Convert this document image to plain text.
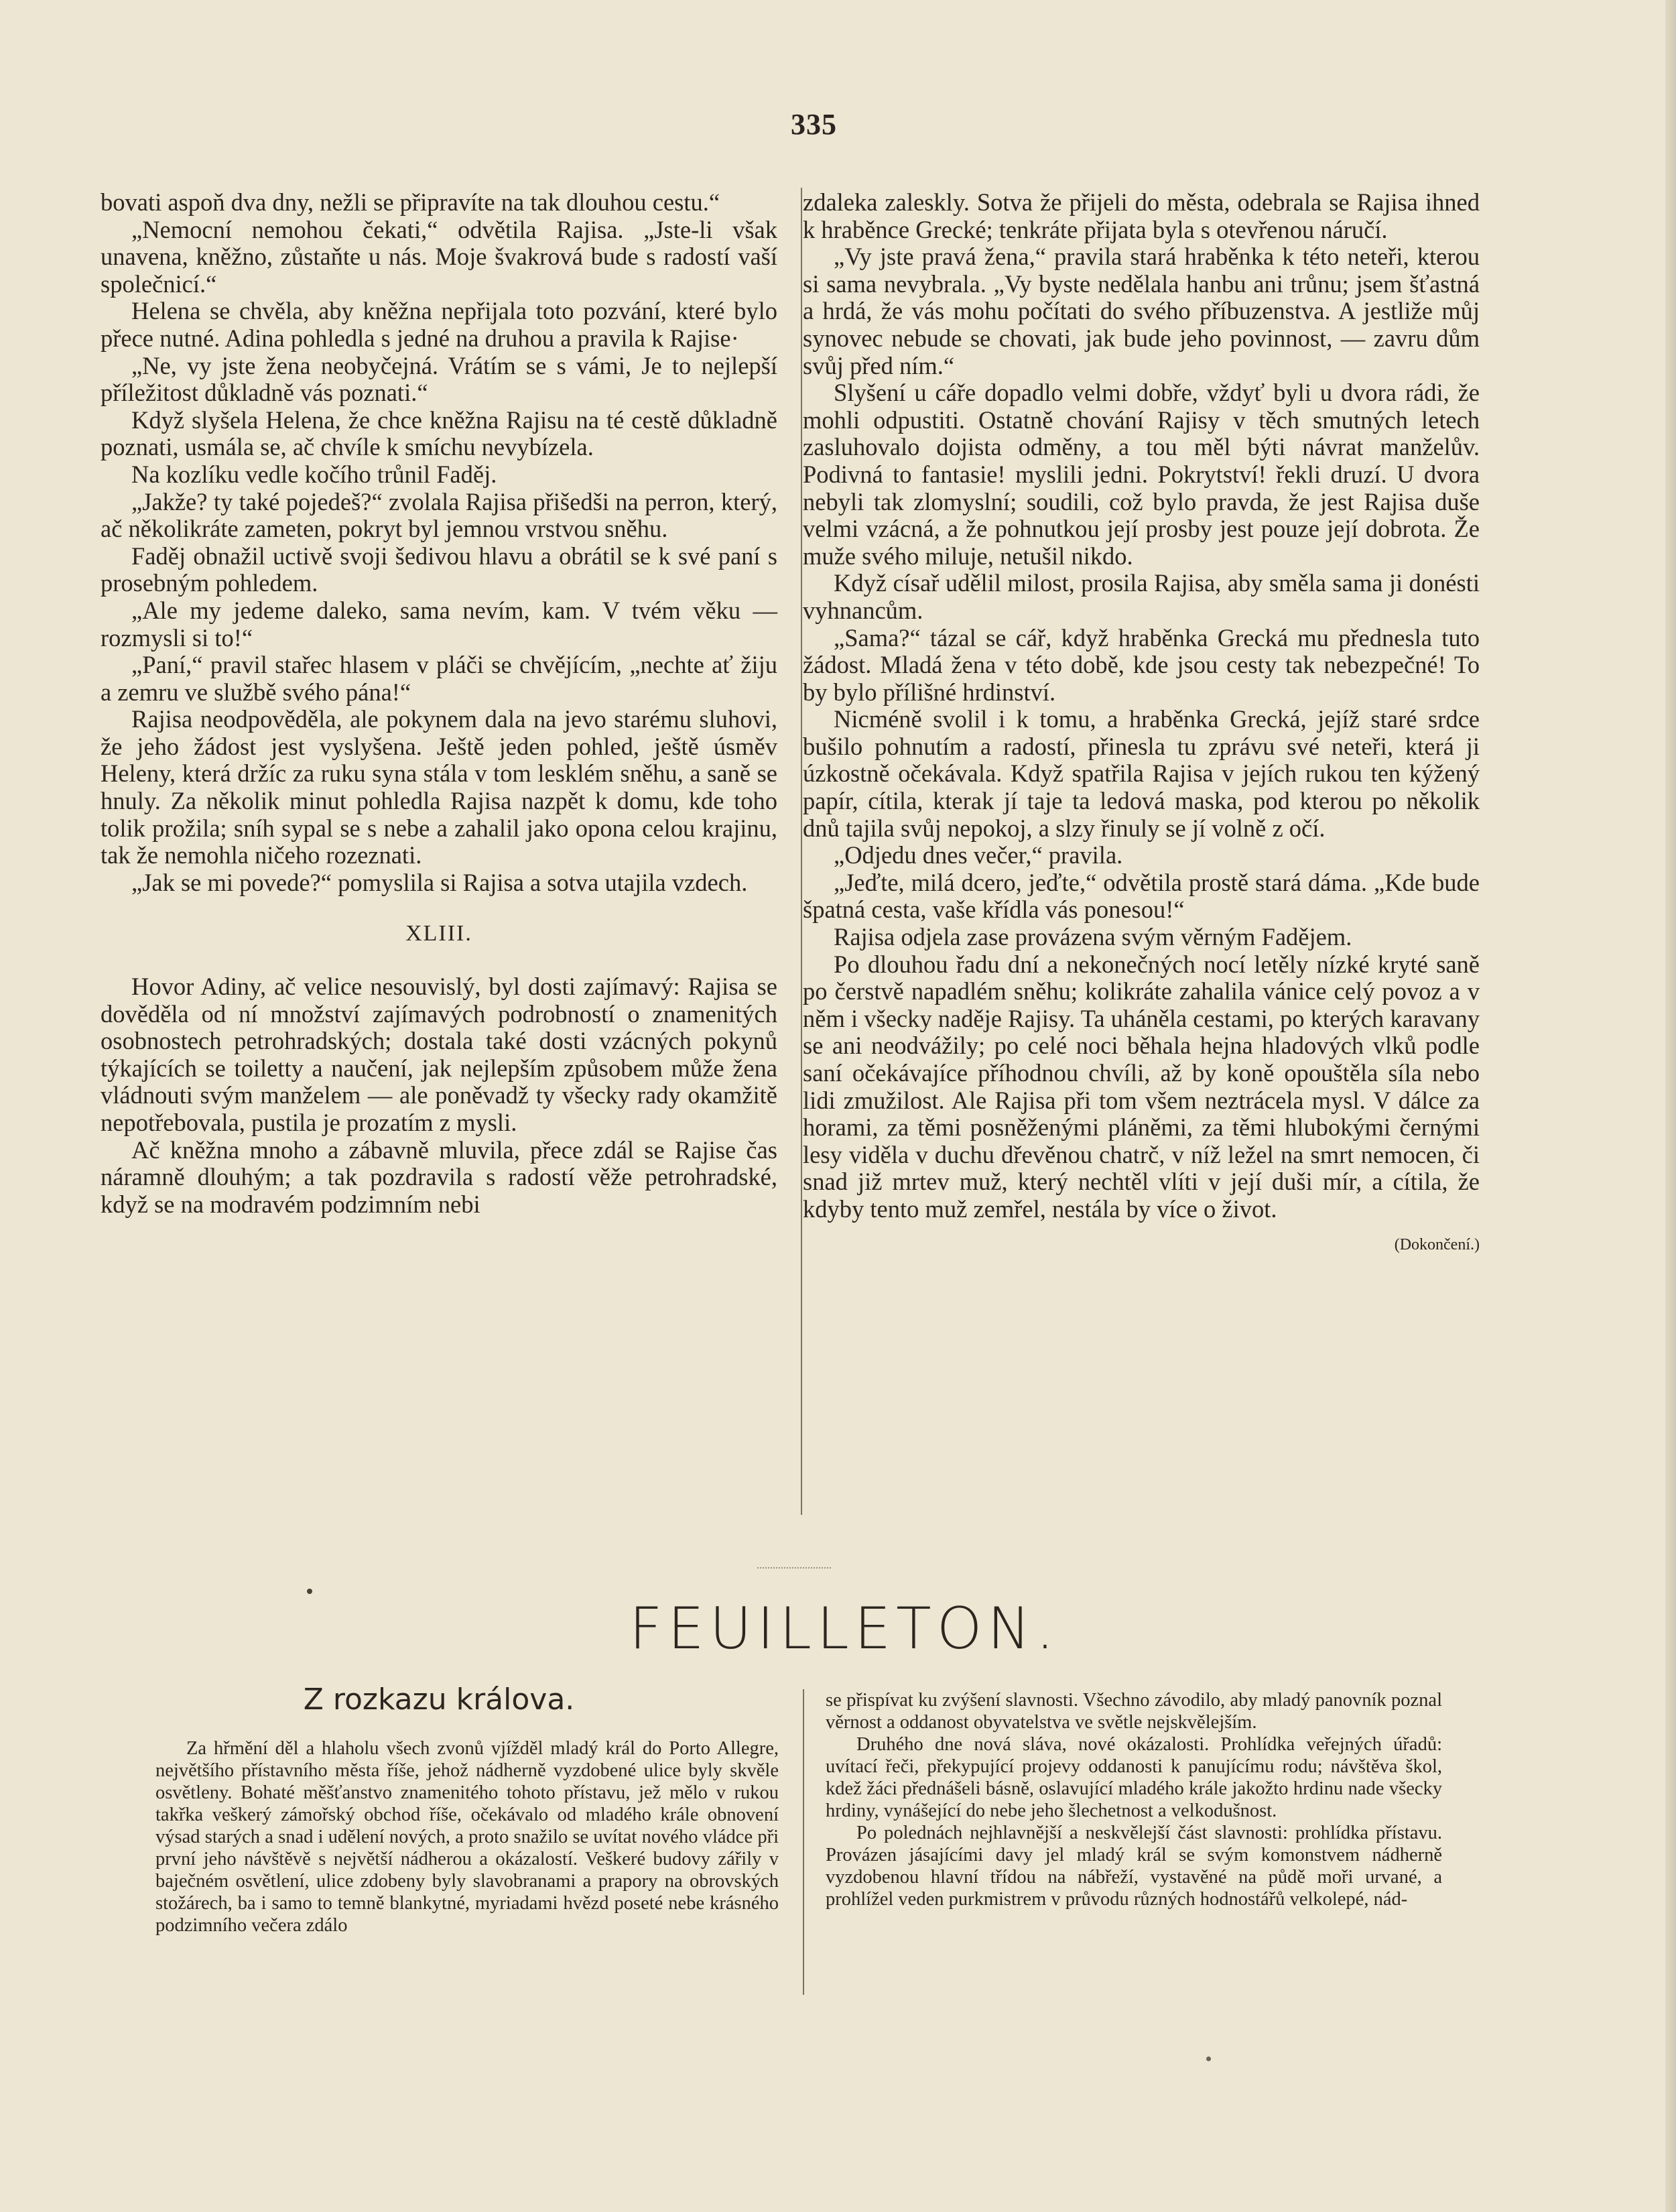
335

bovati aspoň dva dny, nežli se připravíte na tak dlouhou cestu.“

„Nemocní nemohou čekati,“ odvětila Rajisa. „Jste-li však unavena, kněžno, zůstaňte u nás. Moje švakrová bude s radostí vaší společnicí.“

Helena se chvěla, aby kněžna nepřijala toto pozvání, které bylo přece nutné. Adina pohledla s jedné na druhou a pravila k Rajise·

„Ne, vy jste žena neobyčejná. Vrátím se s vámi, Je to nejlepší příležitost důkladně vás poznati.“

Když slyšela Helena, že chce kněžna Rajisu na té cestě důkladně poznati, usmála se, ač chvíle k smíchu nevybízela.

Na kozlíku vedle kočího trůnil Faděj.

„Jakže? ty také pojedeš?“ zvolala Rajisa přišedši na perron, který, ač několikráte zameten, pokryt byl jemnou vrstvou sněhu.

Faděj obnažil uctivě svoji šedivou hlavu a obrátil se k své paní s prosebným pohledem.

„Ale my jedeme daleko, sama nevím, kam. V tvém věku — rozmysli si to!“

„Paní,“ pravil stařec hlasem v pláči se chvějícím, „nechte ať žiju a zemru ve službě svého pána!“

Rajisa neodpověděla, ale pokynem dala na jevo starému sluhovi, že jeho žádost jest vyslyšena. Ještě jeden pohled, ještě úsměv Heleny, která držíc za ruku syna stála v tom lesklém sněhu, a saně se hnuly. Za několik minut pohledla Rajisa nazpět k domu, kde toho tolik prožila; sníh sypal se s nebe a zahalil jako opona celou krajinu, tak že nemohla ničeho rozeznati.

„Jak se mi povede?“ pomyslila si Rajisa a sotva utajila vzdech.

XLIII.

Hovor Adiny, ač velice nesouvislý, byl dosti zajímavý: Rajisa se dověděla od ní množství zajímavých podrobností o znamenitých osobnostech petrohradských; dostala také dosti vzácných pokynů týkajících se toiletty a naučení, jak nejlepším způsobem může žena vládnouti svým manželem — ale poněvadž ty všecky rady okamžitě nepotřebovala, pustila je prozatím z mysli.

Ač kněžna mnoho a zábavně mluvila, přece zdál se Rajise čas náramně dlouhým; a tak pozdravila s radostí věže petrohradské, když se na modravém podzimním nebi

zdaleka zaleskly. Sotva že přijeli do města, odebrala se Rajisa ihned k hraběnce Grecké; tenkráte přijata byla s otevřenou náručí.

„Vy jste pravá žena,“ pravila stará hraběnka k této neteři, kterou si sama nevybrala. „Vy byste nedělala hanbu ani trůnu; jsem šťastná a hrdá, že vás mohu počítati do svého příbuzenstva. A jestliže můj synovec nebude se chovati, jak bude jeho povinnost, — zavru dům svůj před ním.“

Slyšení u cáře dopadlo velmi dobře, vždyť byli u dvora rádi, že mohli odpustiti. Ostatně chování Rajisy v těch smutných letech zasluhovalo dojista odměny, a tou měl býti návrat manželův. Podivná to fantasie! myslili jedni. Pokrytství! řekli druzí. U dvora nebyli tak zlomyslní; soudili, což bylo pravda, že jest Rajisa duše velmi vzácná, a že pohnutkou její prosby jest pouze její dobrota. Že muže svého miluje, netušil nikdo.

Když císař udělil milost, prosila Rajisa, aby směla sama ji donésti vyhnancům.

„Sama?“ tázal se cář, když hraběnka Grecká mu přednesla tuto žádost. Mladá žena v této době, kde jsou cesty tak nebezpečné! To by bylo přílišné hrdinství.

Nicméně svolil i k tomu, a hraběnka Grecká, jejíž staré srdce bušilo pohnutím a radostí, přinesla tu zprávu své neteři, která ji úzkostně očekávala. Když spatřila Rajisa v jejích rukou ten kýžený papír, cítila, kterak jí taje ta ledová maska, pod kterou po několik dnů tajila svůj nepokoj, a slzy řinuly se jí volně z očí.

„Odjedu dnes večer,“ pravila.

„Jeďte, milá dcero, jeďte,“ odvětila prostě stará dáma. „Kde bude špatná cesta, vaše křídla vás ponesou!“

Rajisa odjela zase provázena svým věrným Fadějem.

Po dlouhou řadu dní a nekonečných nocí letěly nízké kryté saně po čerstvě napadlém sněhu; kolikráte zahalila vánice celý povoz a v něm i všecky naděje Rajisy. Ta uháněla cestami, po kterých karavany se ani neodvážily; po celé noci běhala hejna hladových vlků podle saní očekávajíce příhodnou chvíli, až by koně opouštěla síla nebo lidi zmužilost. Ale Rajisa při tom všem neztrácela mysl. V dálce za horami, za těmi posněženými pláněmi, za těmi hlubokými černými lesy viděla v duchu dřevěnou chatrč, v níž ležel na smrt nemocen, či snad již mrtev muž, který nechtěl vlíti v její duši mír, a cítila, že kdyby tento muž zemřel, nestála by více o život.

(Dokončení.)
FEUILLETON.
Z rozkazu králova.

Za hřmění děl a hlaholu všech zvonů vjížděl mladý král do Porto Allegre, největšího přístavního města říše, jehož nádherně vyzdobené ulice byly skvěle osvětleny. Bohaté měšťanstvo znamenitého tohoto přístavu, jež mělo v rukou takřka veškerý zámořský obchod říše, očekávalo od mladého krále obnovení výsad starých a snad i udělení nových, a proto snažilo se uvítat nového vládce při první jeho návštěvě s největší nádherou a okázalostí. Veškeré budovy zářily v baječném osvětlení, ulice zdobeny byly slavobranami a prapory na obrovských stožárech, ba i samo to temně blankytné, myriadami hvězd poseté nebe krásného podzimního večera zdálo

se přispívat ku zvýšení slavnosti. Všechno závodilo, aby mladý panovník poznal věrnost a oddanost obyvatelstva ve světle nejskvělejším.

Druhého dne nová sláva, nové okázalosti. Prohlídka veřejných úřadů: uvítací řeči, překypující projevy oddanosti k panujícímu rodu; návštěva škol, kdež žáci přednášeli básně, oslavující mladého krále jakožto hrdinu nade všecky hrdiny, vynášející do nebe jeho šlechetnost a velkodušnost.

Po polednách nejhlavnější a neskvělejší část slavnosti: prohlídka přístavu. Provázen jásajícími davy jel mladý král se svým komonstvem nádherně vyzdobenou hlavní třídou na nábřeží, vystavěné na půdě moři urvané, a prohlížel veden purkmistrem v průvodu různých hodnostářů velkolepé, nád-
